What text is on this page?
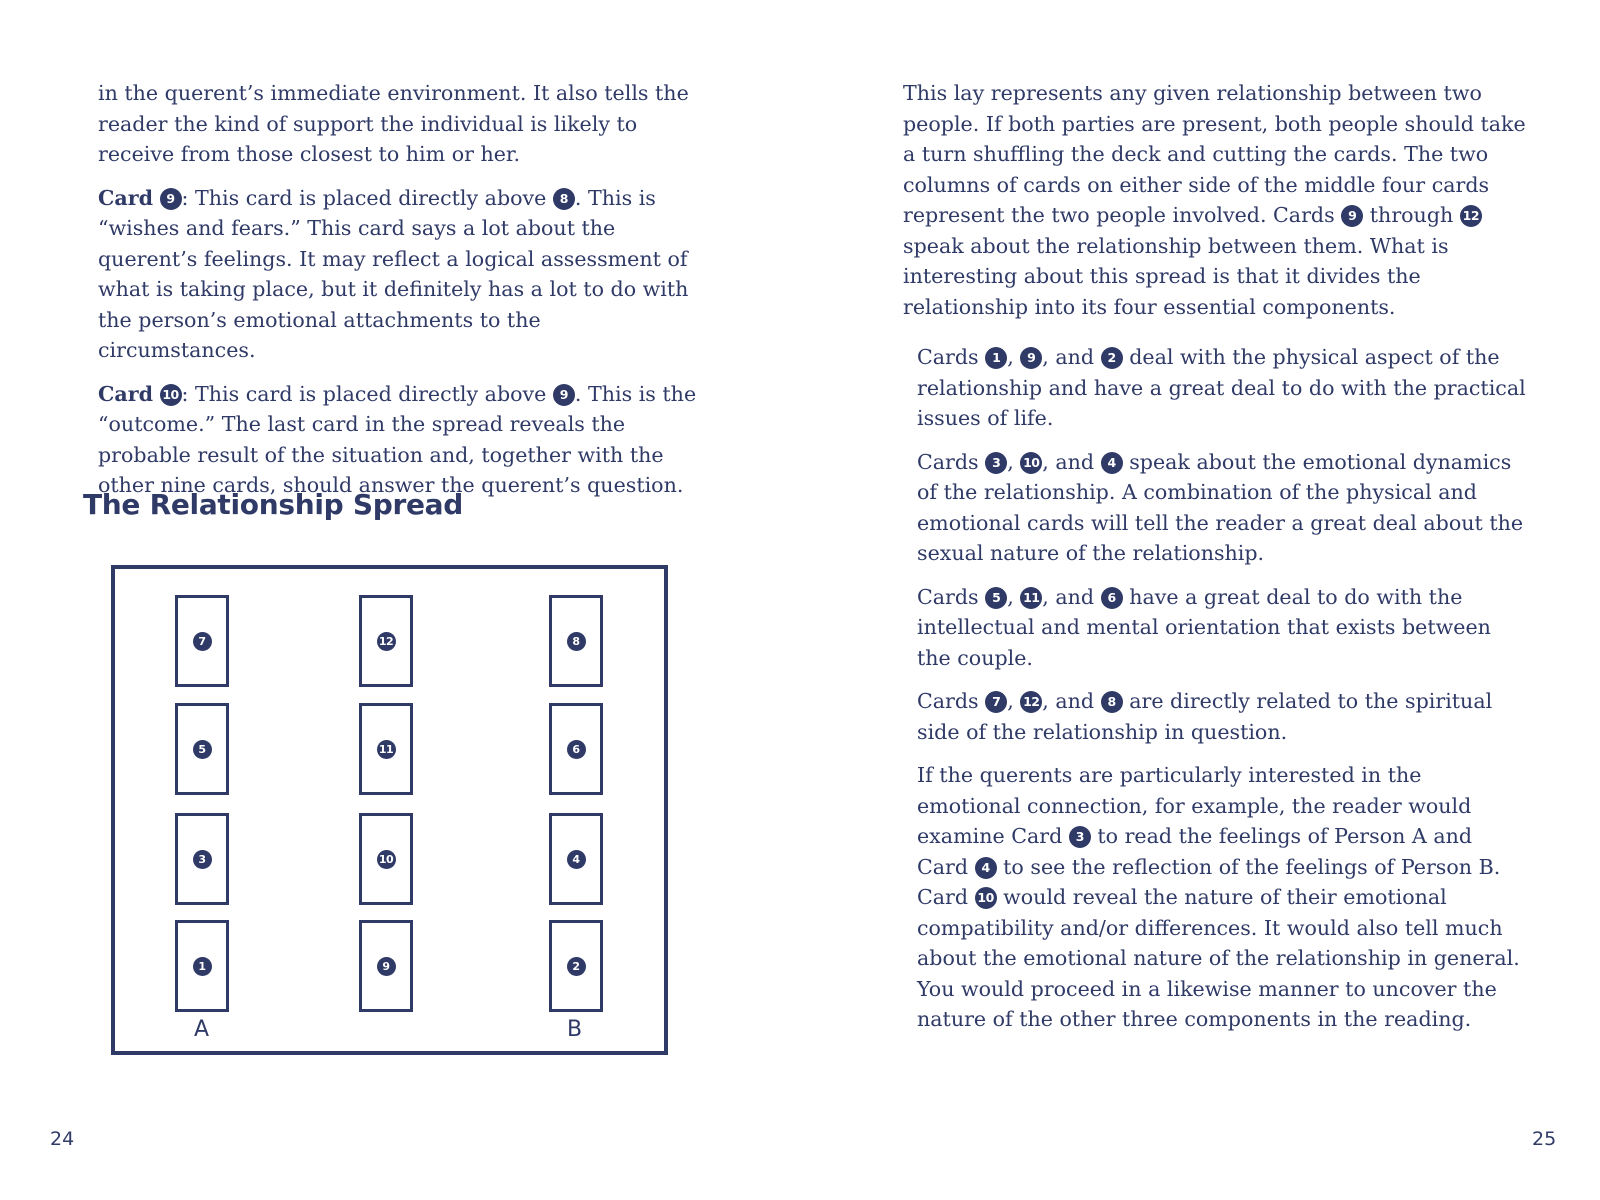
in the querent’s immediate environment. It also tells the reader the kind of support the individual is likely to receive from those closest to him or her.

Card 9 : This card is placed directly above 8 . This is “wishes and fears.” This card says a lot about the querent’s feelings. It may reflect a logical assessment of what is taking place, but it definitely has a lot to do with the person’s emotional attachments to the circumstances.

Card 10 : This card is placed directly above 9 . This is the “outcome.” The last card in the spread reveals the probable result of the situation and, together with the other nine cards, should answer the querent’s question.

The Relationship Spread
7	12	8
5	11	6
3	10	4
1	9	2
A	B
24

This lay represents any given relationship between two people. If both parties are present, both people should take a turn shuffling the deck and cutting the cards. The two columns of cards on either side of the middle four cards represent the two people involved. Cards 9 through 12 speak about the relationship between them. What is interesting about this spread is that it divides the relationship into its four essential components.

Cards 1 , 9 , and 2 deal with the physical aspect of the relationship and have a great deal to do with the practical issues of life.

Cards 3 , 10 , and 4 speak about the emotional dynamics of the relationship. A combination of the physical and emotional cards will tell the reader a great deal about the sexual nature of the relationship.

Cards 5 , 11 , and 6 have a great deal to do with the intellectual and mental orientation that exists between the couple.

Cards 7 , 12 , and 8 are directly related to the spiritual side of the relationship in question.

If the querents are particularly interested in the emotional connection, for example, the reader would examine Card 3 to read the feelings of Person A and Card 4 to see the reflection of the feelings of Person B. Card 10 would reveal the nature of their emotional compatibility and/or differences. It would also tell much about the emotional nature of the relationship in general. You would proceed in a likewise manner to uncover the nature of the other three components in the reading.

25
